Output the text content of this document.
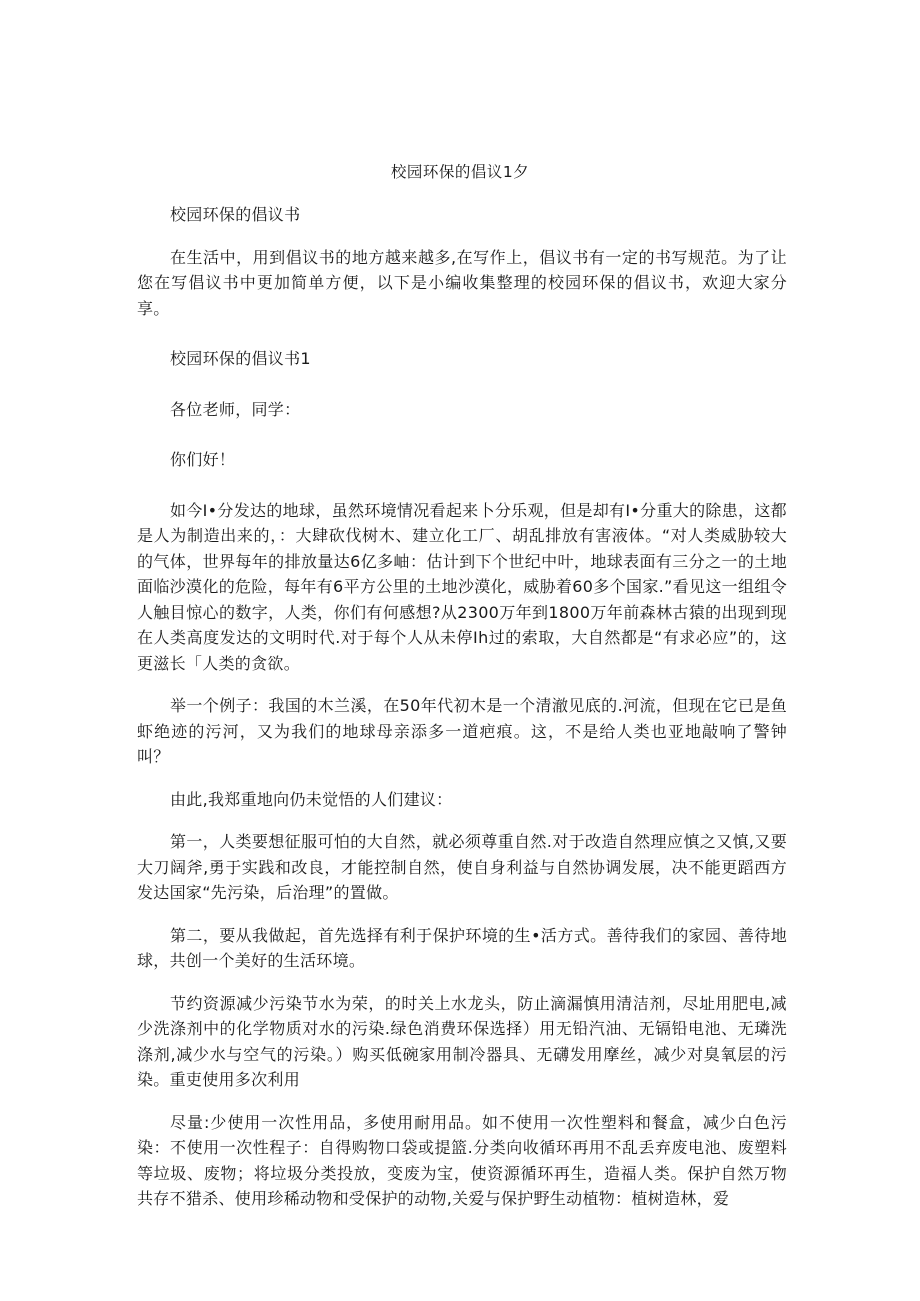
校园环保的倡议1夕

校园环保的倡议书

在生活中，用到倡议书的地方越来越多,在写作上，倡议书有一定的书写规范。为了让您在写倡议书中更加简单方便，以下是小编收集整理的校园环保的倡议书，欢迎大家分享。

校园环保的倡议书1

各位老师，同学：

你们好！

如今I•分发达的地球，虽然环境情况看起来卜分乐观，但是却有I•分重大的除患，这都是人为制造出来的，：大肆砍伐树木、建立化工厂、胡乱排放有害液体。“对人类威胁较大的气体，世界每年的排放量达6亿多岫：估计到下个世纪中叶，地球表面有三分之一的土地面临沙漠化的危险，每年有6平方公里的土地沙漠化，威胁着60多个国家.”看见这一组组令人触目惊心的数字，人类，你们有何感想?从2300万年到1800万年前森林古猿的出现到现在人类高度发达的文明时代.对于每个人从未停Ih过的索取，大自然都是“有求必应”的，这更滋长「人类的贪欲。

举一个例子：我国的木兰溪，在50年代初木是一个清澈见底的.河流，但现在它已是鱼虾绝迹的污河，又为我们的地球母亲添多一道疤痕。这，不是给人类也亚地敲响了警钟叫？

由此,我郑重地向仍未觉悟的人们建议：

第一，人类要想征服可怕的大自然，就必须尊重自然.对于改造自然理应慎之又慎,又要大刀阔斧,勇于实践和改良，才能控制自然，使自身利益与自然协调发展，决不能更蹈西方发达国家“先污染，后治理”的置做。

第二，要从我做起，首先选择有利于保护环境的生•活方式。善待我们的家园、善待地球，共创一个美好的生活环境。

节约资源减少污染节水为荣，的时关上水龙头，防止滴漏慎用清洁剂，尽址用肥电,减少洗涤剂中的化学物质对水的污染.绿色消费环保选择）用无铅汽油、无镉铅电池、无璘洗涤剂,减少水与空气的污染。）购买低碗家用制冷器具、无礴发用摩丝，减少对臭氧层的污染。重吏使用多次利用

尽量:少使用一次性用品，多使用耐用品。如不使用一次性塑料和餐盒，减少白色污染：不使用一次性程子：自得购物口袋或提篮.分类向收循环再用不乱丢弃废电池、废塑料等垃圾、废物；将垃圾分类投放，变废为宝，使资源循环再生，造福人类。保护自然万物共存不猎杀、使用珍稀动物和受保护的动物,关爱与保护野生动植物：植树造林，爱
